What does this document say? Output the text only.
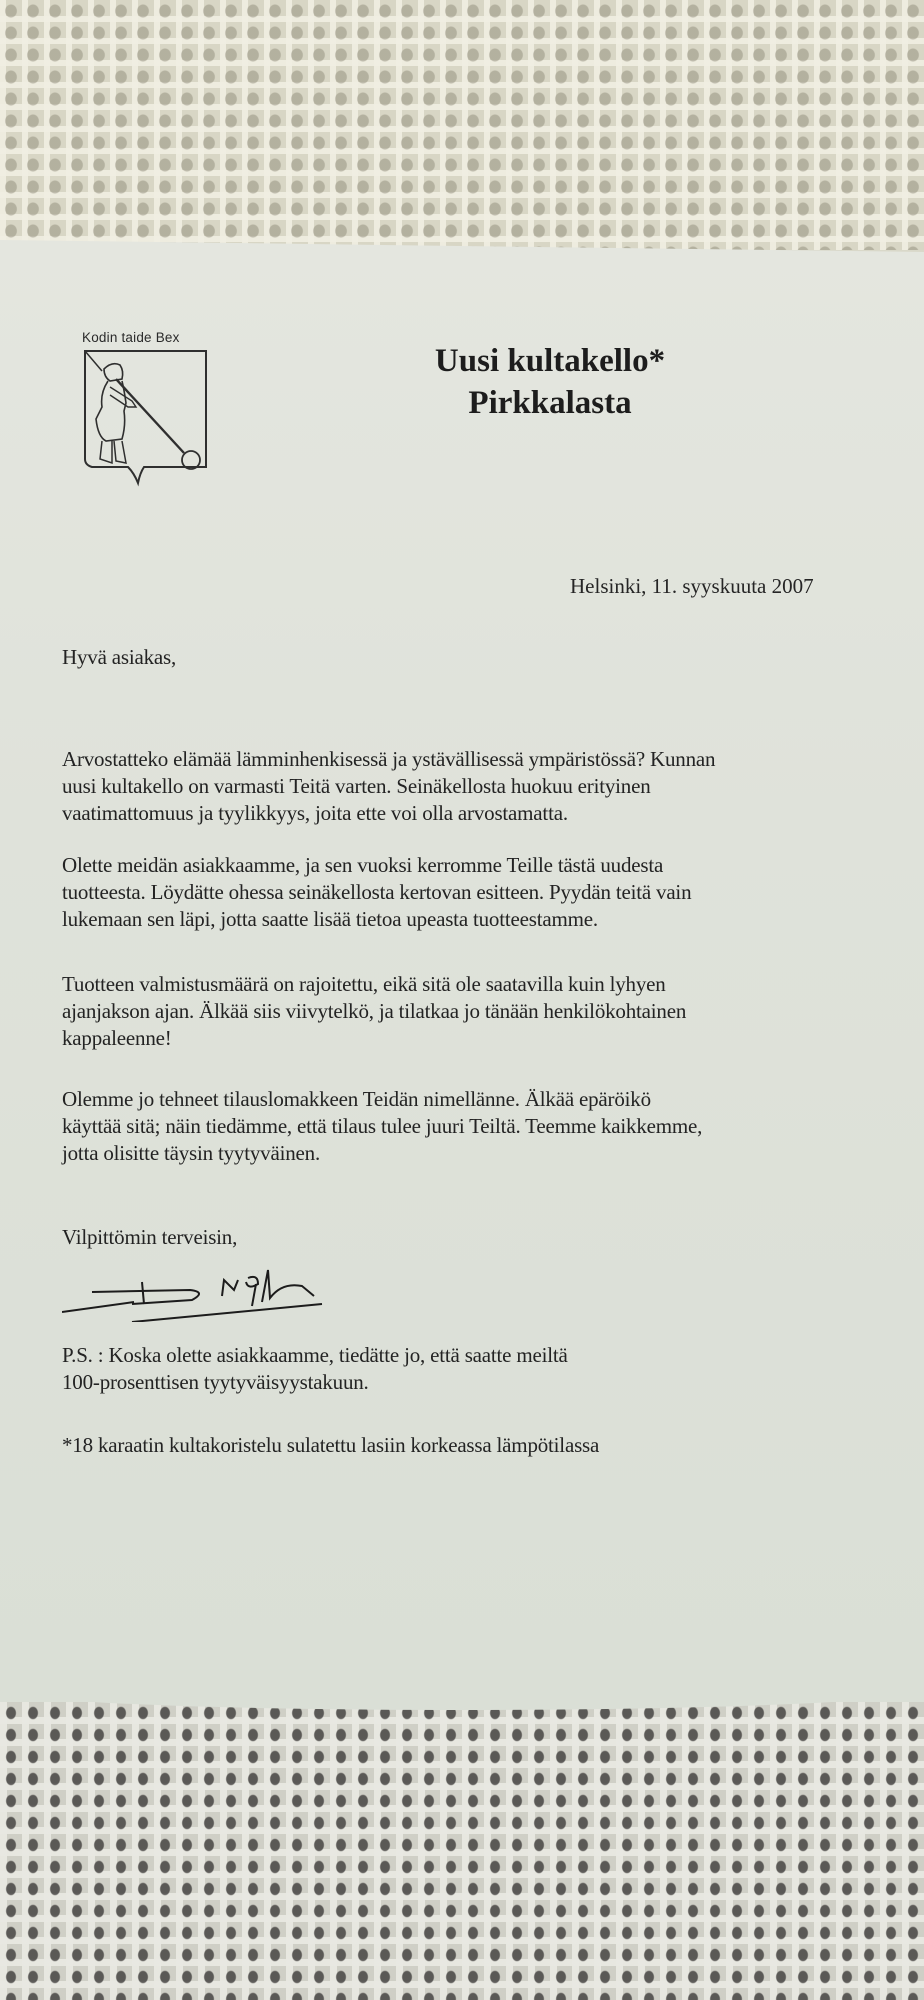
Kodin taide Bex
Uusi kultakello*
Pirkkalasta
Helsinki, 11. syyskuuta 2007
Hyvä asiakas,
Arvostatteko elämää lämminhenkisessä ja ystävällisessä ympäristössä? Kunnan
uusi kultakello on varmasti Teitä varten. Seinäkellosta huokuu erityinen
vaatimattomuus ja tyylikkyys, joita ette voi olla arvostamatta.
Olette meidän asiakkaamme, ja sen vuoksi kerromme Teille tästä uudesta
tuotteesta. Löydätte ohessa seinäkellosta kertovan esitteen. Pyydän teitä vain
lukemaan sen läpi, jotta saatte lisää tietoa upeasta tuotteestamme.
Tuotteen valmistusmäärä on rajoitettu, eikä sitä ole saatavilla kuin lyhyen
ajanjakson ajan. Älkää siis viivytelkö, ja tilatkaa jo tänään henkilökohtainen
kappaleenne!
Olemme jo tehneet tilauslomakkeen Teidän nimellänne. Älkää epäröikö
käyttää sitä; näin tiedämme, että tilaus tulee juuri Teiltä. Teemme kaikkemme,
jotta olisitte täysin tyytyväinen.
Vilpittömin terveisin,
P.S. : Koska olette asiakkaamme, tiedätte jo, että saatte meiltä
100-prosenttisen tyytyväisyystakuun.
*18 karaatin kultakoristelu sulatettu lasiin korkeassa lämpötilassa
